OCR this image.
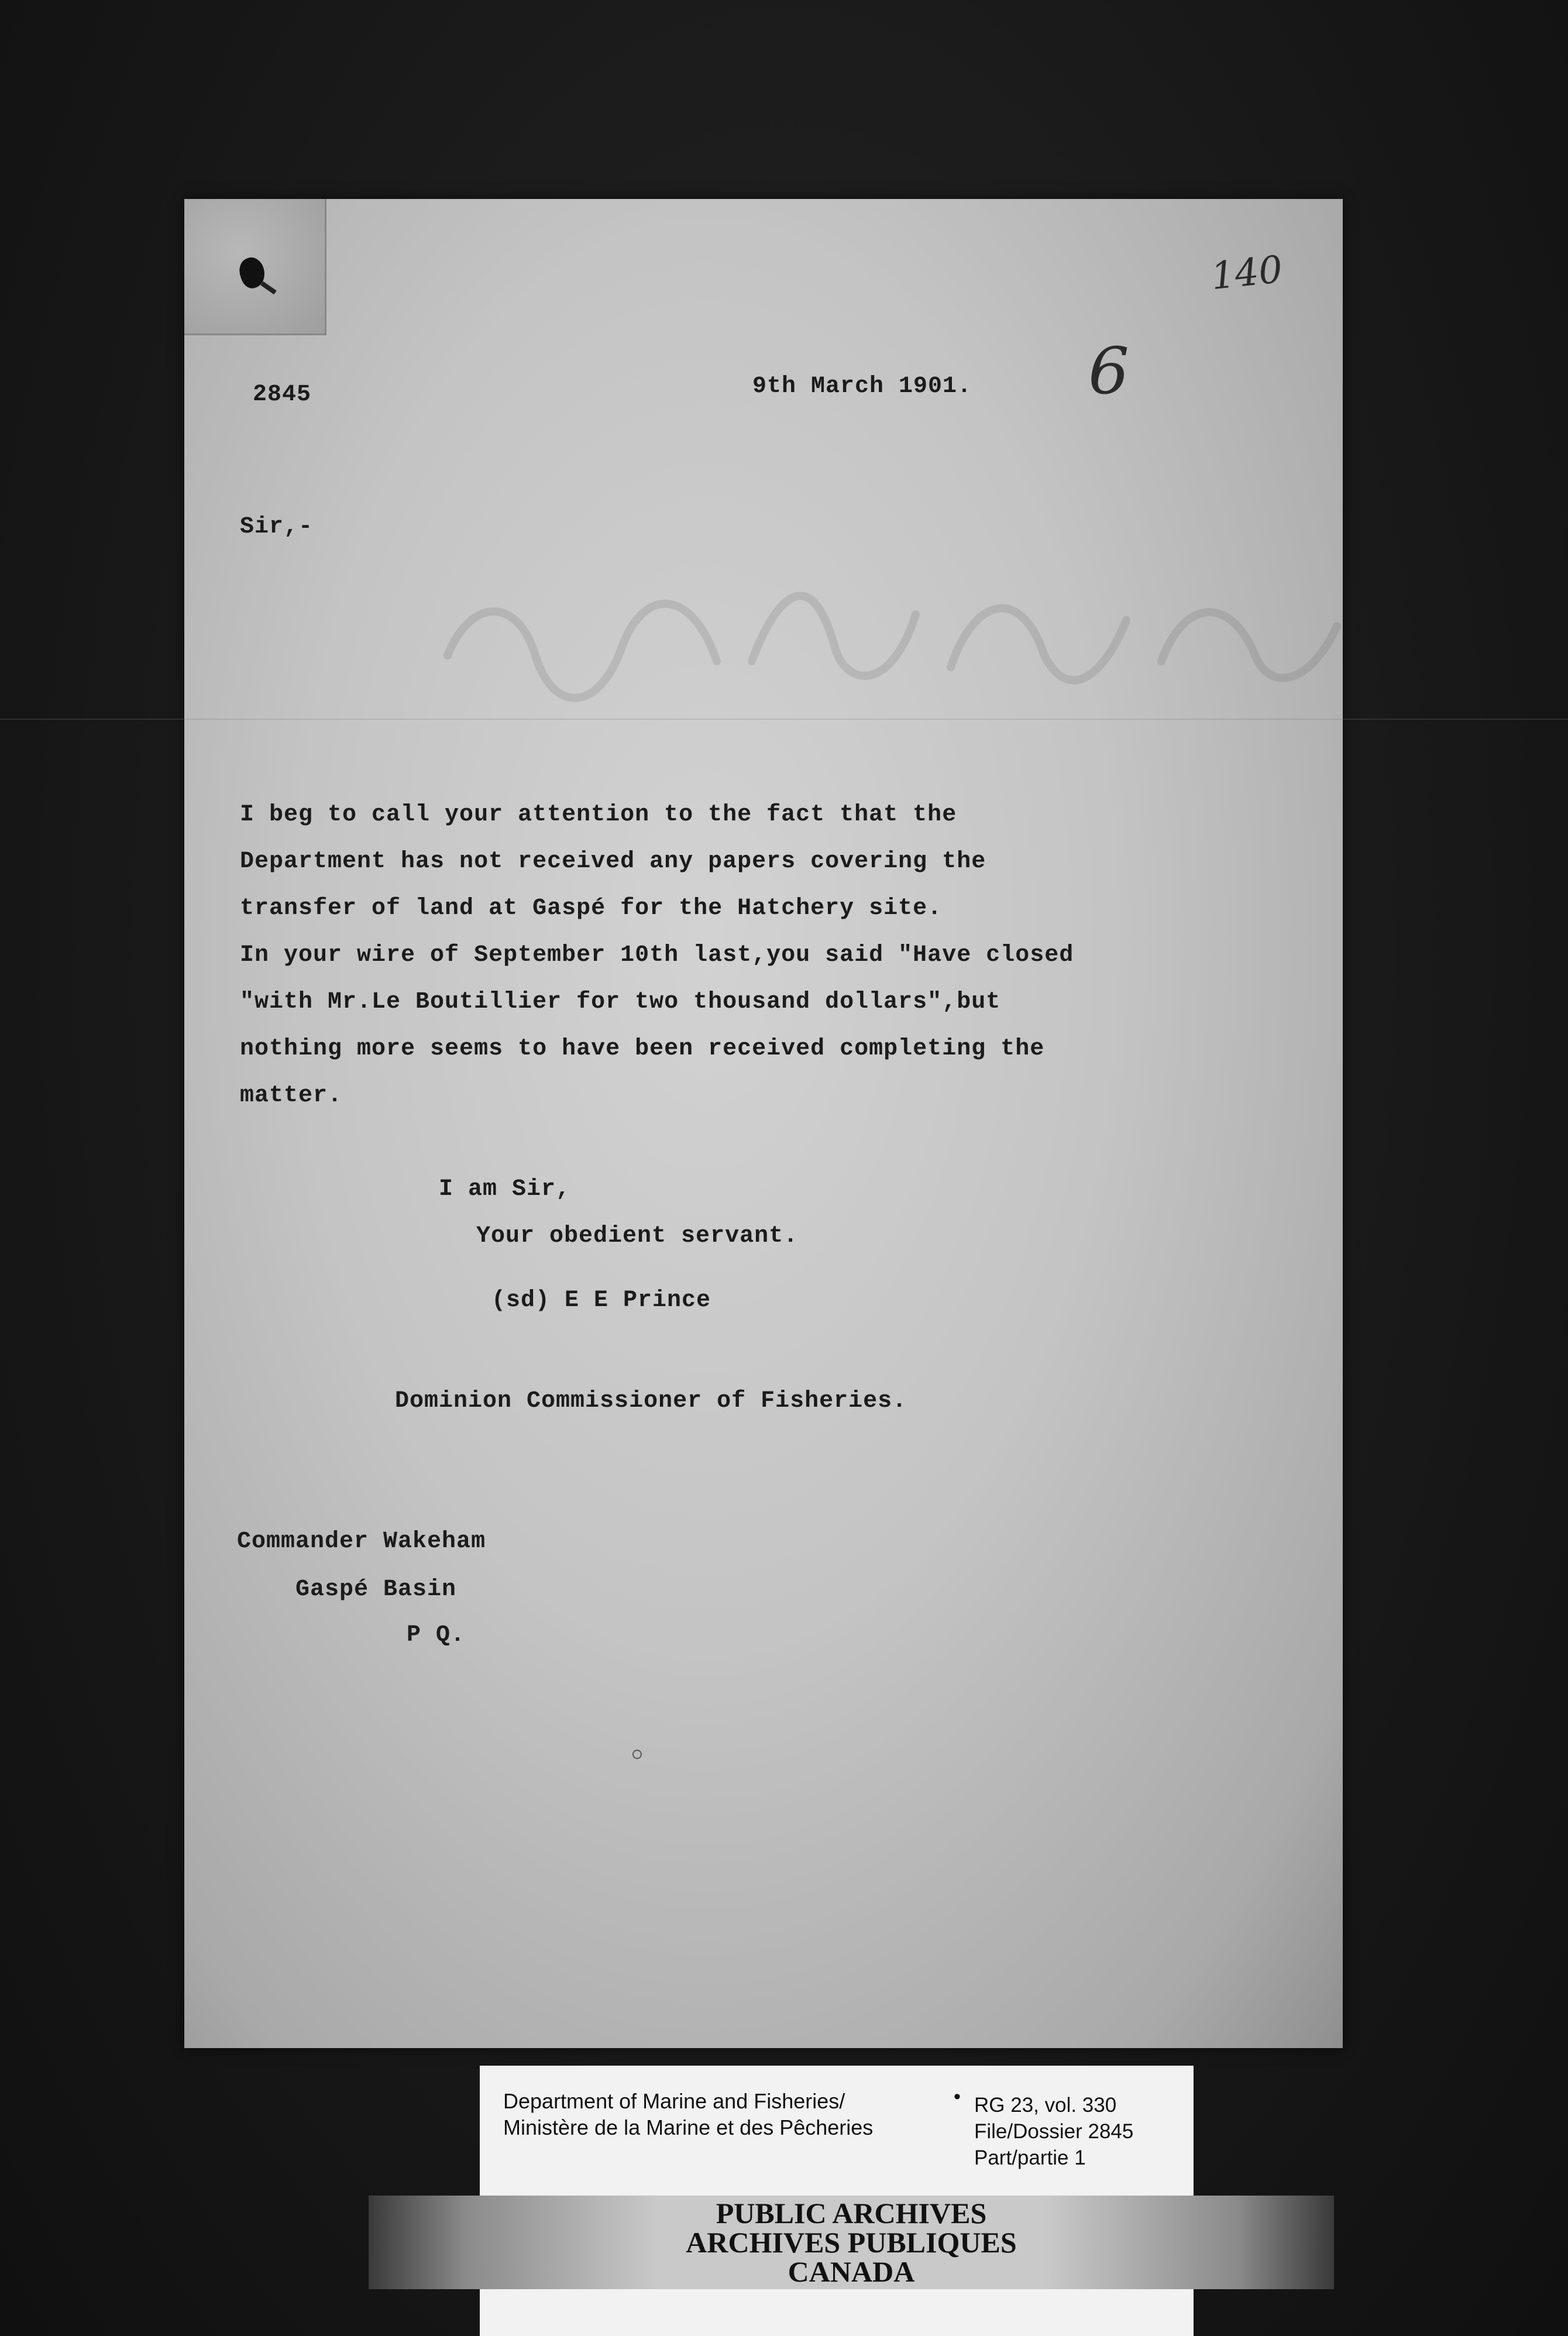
140
6
2845	9th March 1901.
Sir,-
I beg to call your attention to the fact that the
Department has not received any papers covering the
transfer of land at Gaspé for the Hatchery site.
In your wire of September 10th last,you said "Have closed
"with Mr.Le Boutillier for two thousand dollars",but
nothing more seems to have been received completing the
matter.
I am Sir,
Your obedient servant.
(sd) E E Prince
Dominion Commissioner of Fisheries.
Commander Wakeham
Gaspé Basin
P Q.
Department of Marine and Fisheries/
Ministère de la Marine et des Pêcheries
• RG 23, vol. 330
File/Dossier 2845
Part/partie 1
PUBLIC ARCHIVES
ARCHIVES PUBLIQUES
CANADA
